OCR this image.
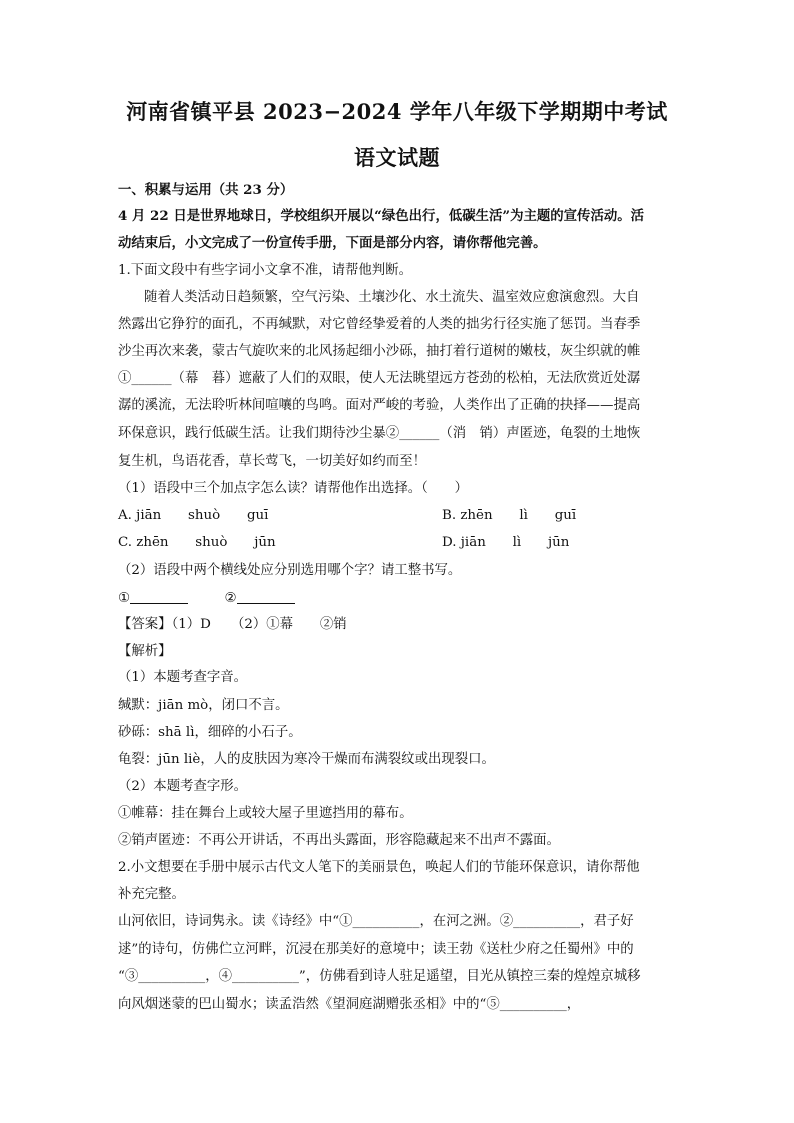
河南省镇平县 2023−2024 学年八年级下学期期中考试
语文试题
一、积累与运用（共 23 分）
4 月 22 日是世界地球日，学校组织开展以“绿色出行，低碳生活”为主题的宣传活动。活
动结束后，小文完成了一份宣传手册，下面是部分内容，请你帮他完善。
1.下面文段中有些字词小文拿不准，请帮他判断。
随着人类活动日趋频繁，空气污染、土壤沙化、水土流失、温室效应愈演愈烈。大自
然露出它狰狞的面孔，不再缄默，对它曾经挚爱着的人类的拙劣行径实施了惩罚。当春季
沙尘再次来袭，蒙古气旋吹来的北风扬起细小沙砾，抽打着行道树的嫩枝，灰尘织就的帷
①______（幕　暮）遮蔽了人们的双眼，使人无法眺望远方苍劲的松柏，无法欣赏近处潺
潺的溪流，无法聆听林间喧嚷的鸟鸣。面对严峻的考验，人类作出了正确的抉择——提高
环保意识，践行低碳生活。让我们期待沙尘暴②______（消　销）声匿迹，龟裂的土地恢
复生机，鸟语花香，草长莺飞，一切美好如约而至！
（1）语段中三个加点字怎么读？请帮他作出选择。（　　）
A. jiān　　shuò　　guī	B. zhēn　　lì　　guī
C. zhēn　　shuò　　jūn	D. jiān　　lì　　jūn
（2）语段中两个横线处应分别选用哪个字？请工整书写。
①	②
【答案】（1）D　　（2）①幕　　②销
【解析】
（1）本题考查字音。
缄默：jiān mò，闭口不言。
砂砾：shā lì，细碎的小石子。
龟裂：jūn liè，人的皮肤因为寒冷干燥而布满裂纹或出现裂口。
（2）本题考查字形。
①帷幕：挂在舞台上或较大屋子里遮挡用的幕布。
②销声匿迹：不再公开讲话，不再出头露面，形容隐藏起来不出声不露面。
2.小文想要在手册中展示古代文人笔下的美丽景色，唤起人们的节能环保意识，请你帮他
补充完整。
山河依旧，诗词隽永。读《诗经》中“①__________，在河之洲。②__________，君子好
逑”的诗句，仿佛伫立河畔，沉浸在那美好的意境中；读王勃《送杜少府之任蜀州》中的
“③__________，④__________”，仿佛看到诗人驻足遥望，目光从镇控三秦的煌煌京城移
向风烟迷蒙的巴山蜀水；读孟浩然《望洞庭湖赠张丞相》中的“⑤__________，
